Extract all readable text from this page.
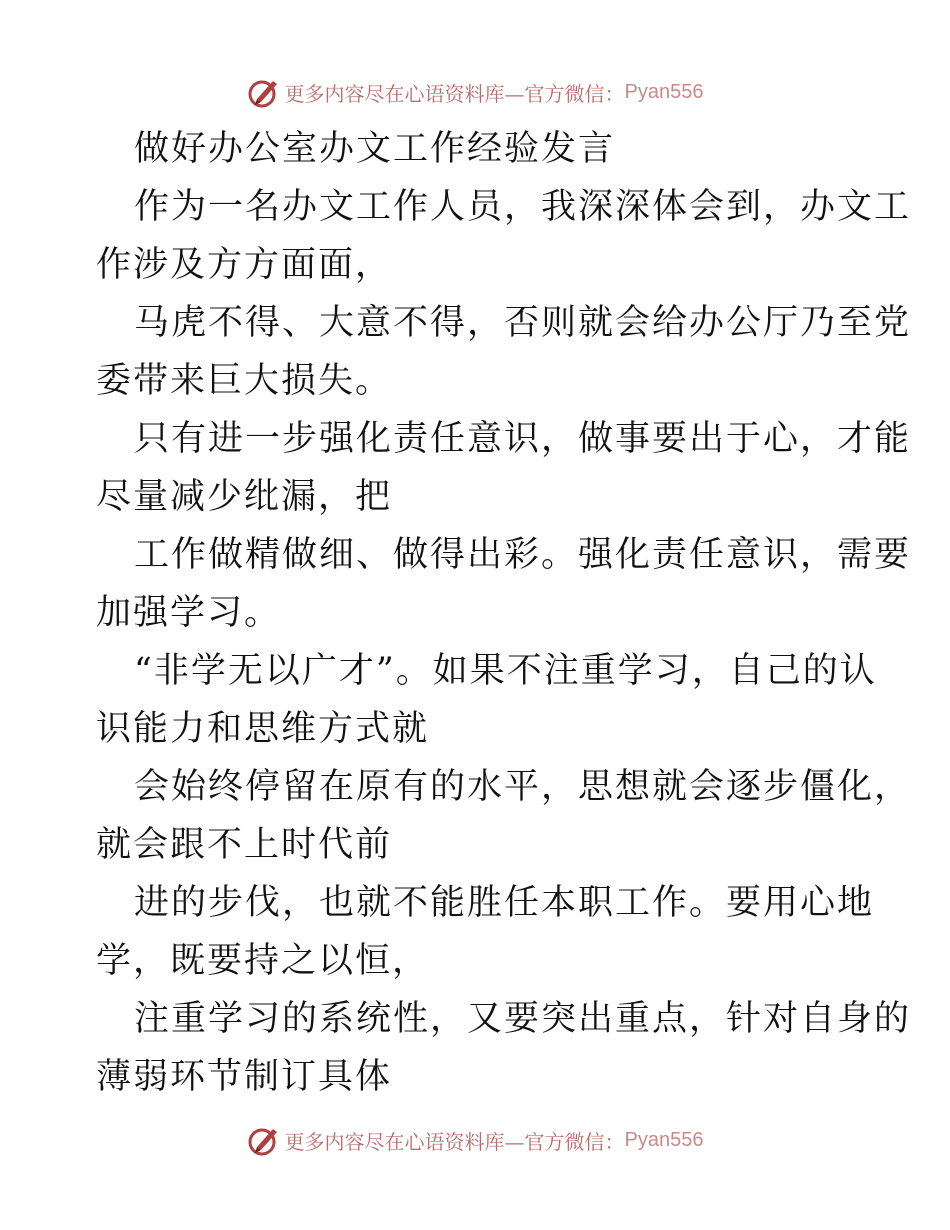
更多内容尽在心语资料库— 官方微信： Pyan556
做好办公室办文工作经验发言
作为一名办文工作人员，我深深体会到，办文工
作涉及方方面面，
马虎不得、大意不得，否则就会给办公厅乃至党
委带来巨大损失。
只有进一步强化责任意识，做事要出于心，才能
尽量减少纰漏，把
工作做精做细、做得出彩。强化责任意识，需要
加强学习。
“非学无以广才”。如果不注重学习，自己的认
识能力和思维方式就
会始终停留在原有的水平，思想就会逐步僵化，
就会跟不上时代前
进的步伐，也就不能胜任本职工作。要用心地
学，既要持之以恒，
注重学习的系统性，又要突出重点，针对自身的
薄弱环节制订具体
更多内容尽在心语资料库— 官方微信： Pyan556
